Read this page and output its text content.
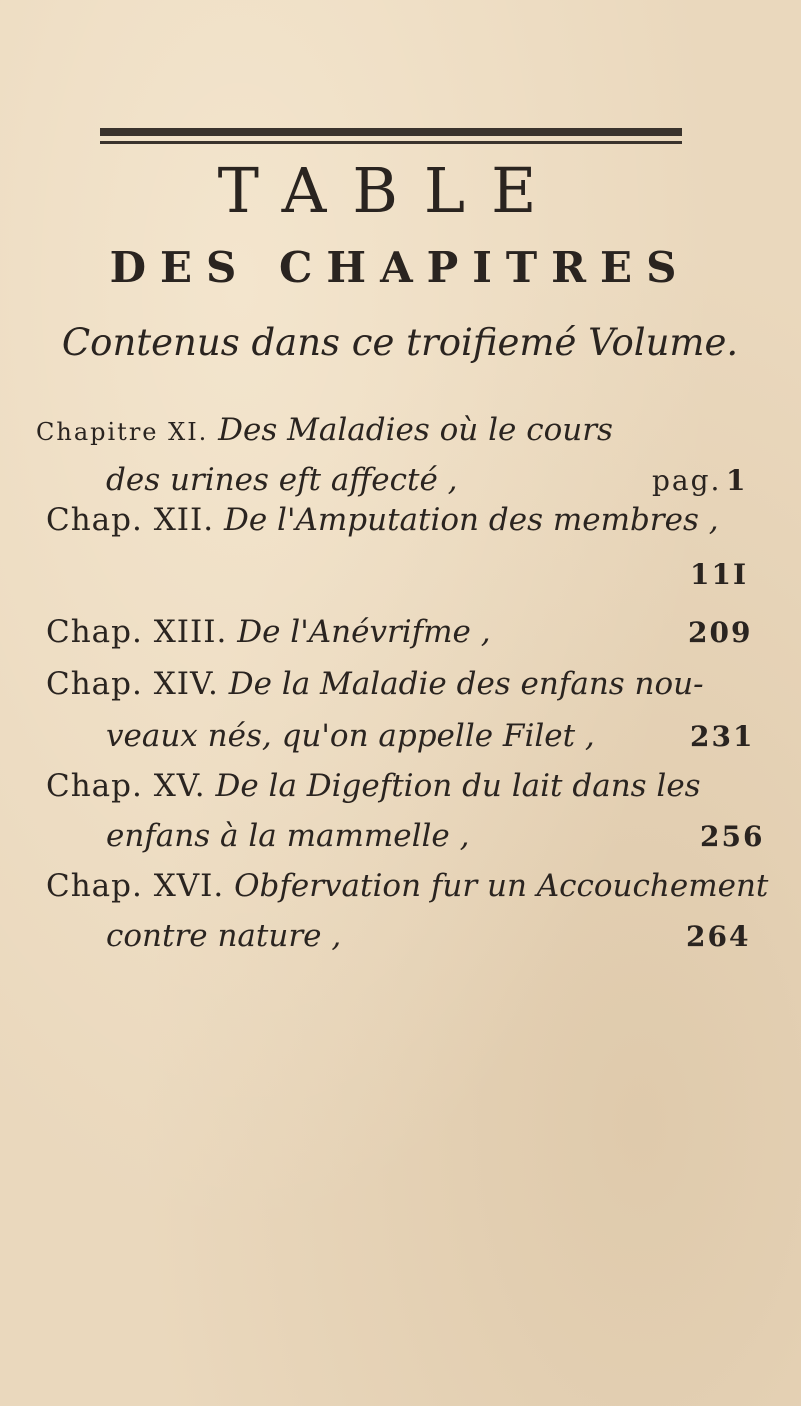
TABLE
DES CHAPITRES

Contenus dans ce troifiemé Volume.

Chapitre XI. Des Maladies où le cours
des urines eft affecté ,	pag. 1
Chap. XII. De l'Amputation des membres ,
11I
Chap. XIII. De l'Anévrifme ,	209
Chap. XIV. De la Maladie des enfans nou-
veaux nés, qu'on appelle Filet ,	231
Chap. XV. De la Digeftion du lait dans les
enfans à la mammelle ,	256
Chap. XVI. Obfervation fur un Accouchement
contre nature ,	264
